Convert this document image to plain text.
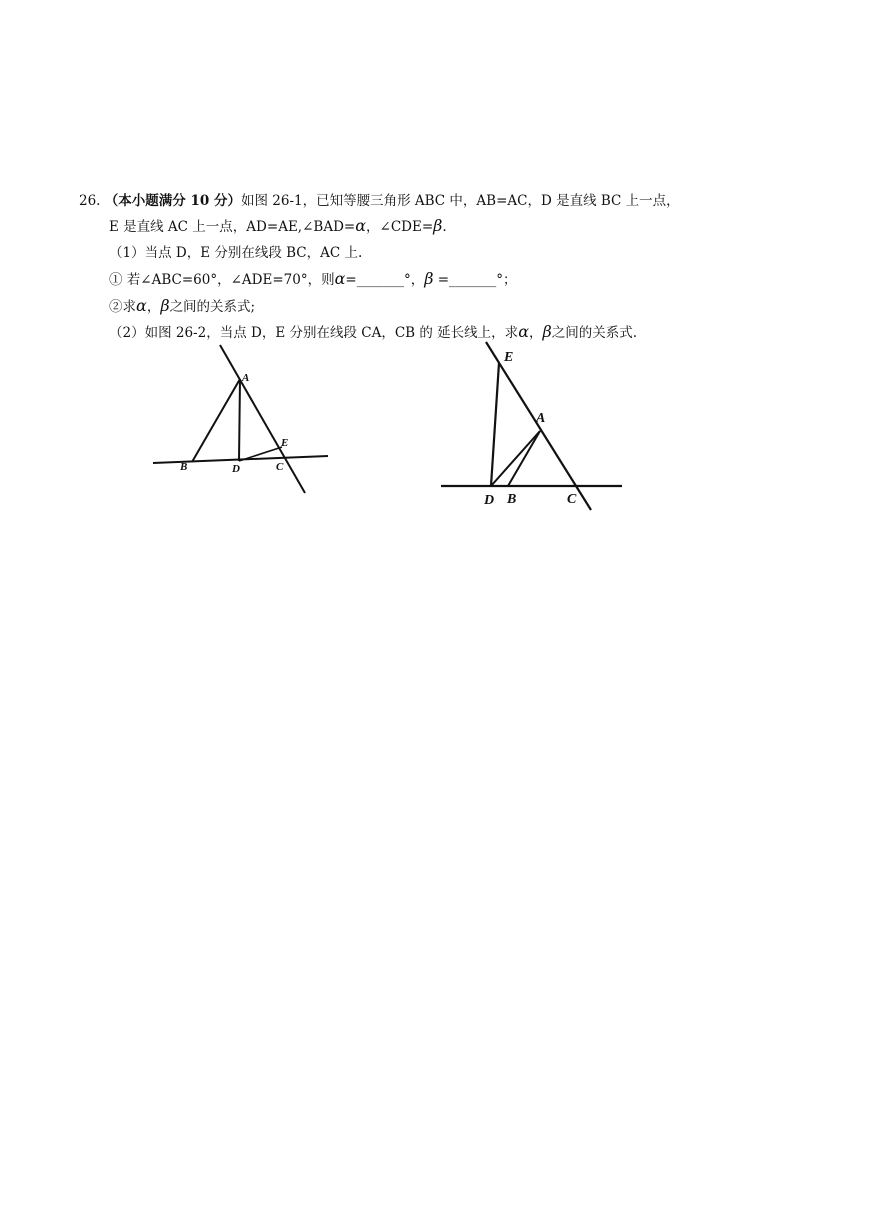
26. （本小题满分 10 分）如图 26-1，已知等腰三角形 ABC 中，AB=AC，D 是直线 BC 上一点，
E 是直线 AC 上一点，AD=AE,∠BAD=α，∠CDE=β.
（1）当点 D，E 分别在线段 BC，AC 上.
① 若∠ABC=60°，∠ADE=70°，则α=_______°，β =_______°；
②求α，β之间的关系式;
（2）如图 26-2，当点 D，E 分别在线段 CA，CB 的 延长线上，求α，β之间的关系式.
A
B	D
E
C
E
A
D B	C
